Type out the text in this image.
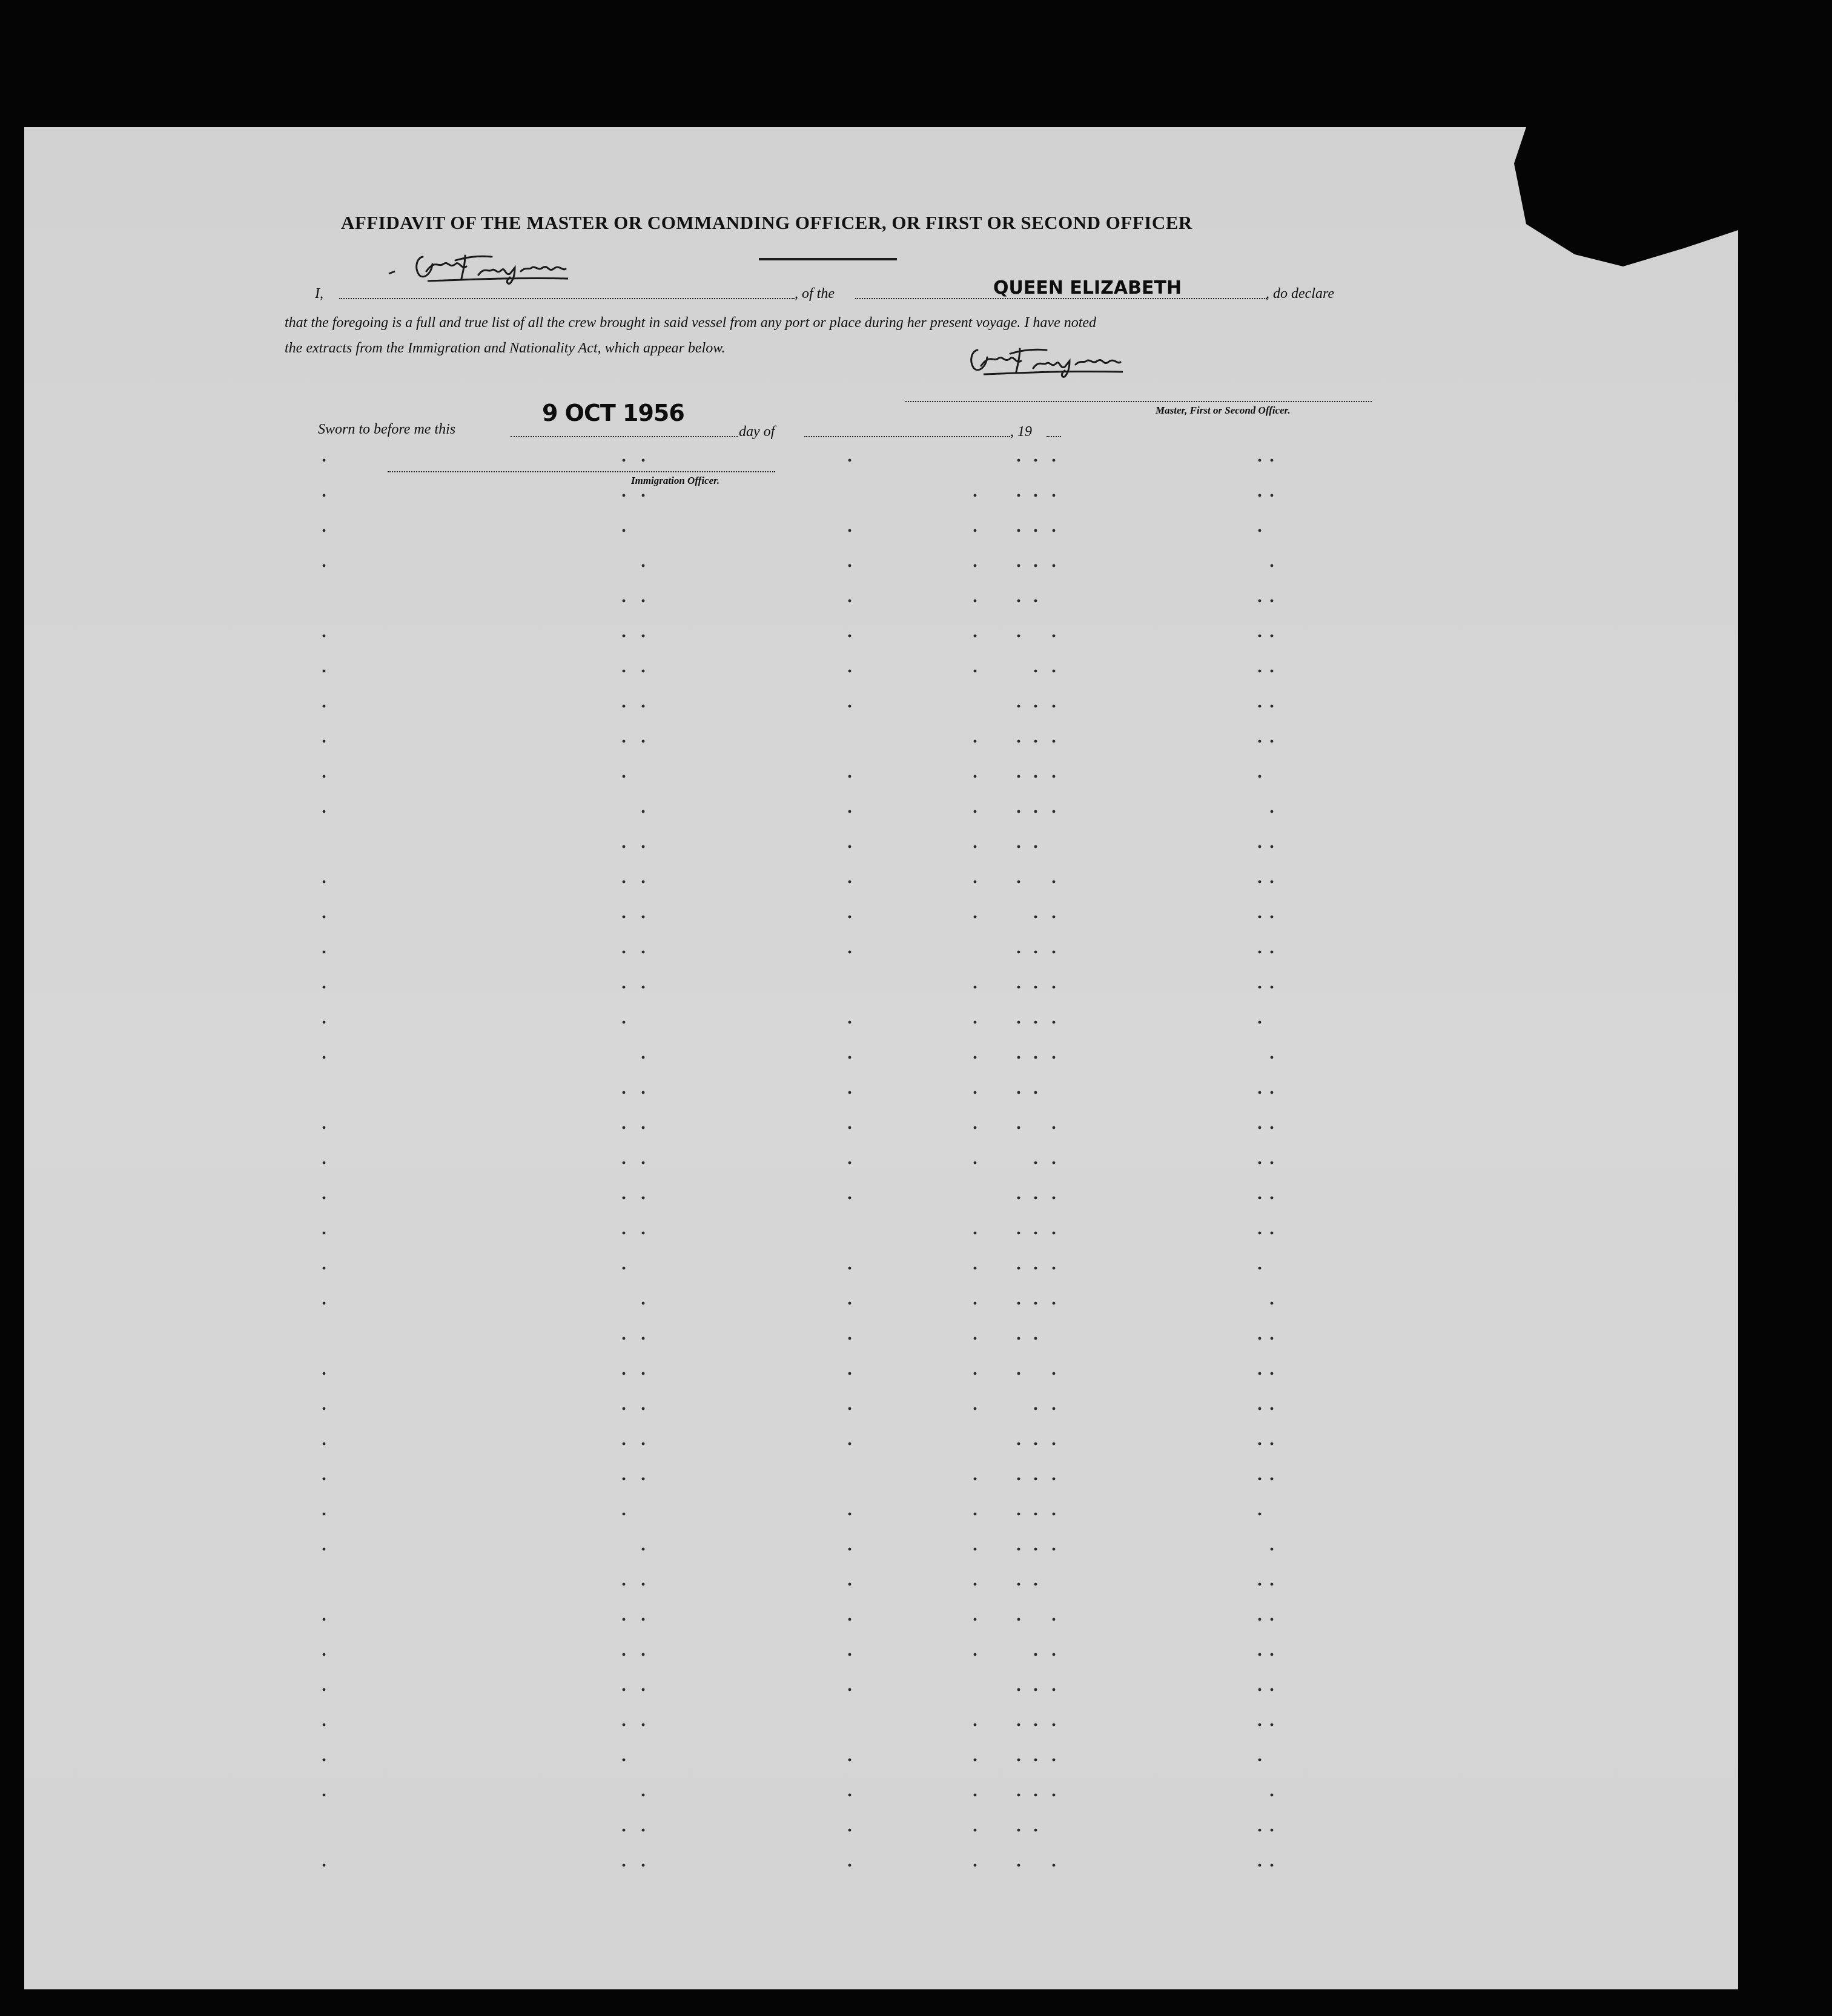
AFFIDAVIT OF THE MASTER OR COMMANDING OFFICER, OR FIRST OR SECOND OFFICER
I,	, of the	QUEEN ELIZABETH	, do declare
that the foregoing is a full and true list of all the crew brought in said vessel from any port or place during her present voyage. I have noted
the extracts from the Immigration and Nationality Act, which appear below.
Master, First or Second Officer.
Sworn to before me this
9 OCT 1956
day of	, 19
Immigration Officer.
